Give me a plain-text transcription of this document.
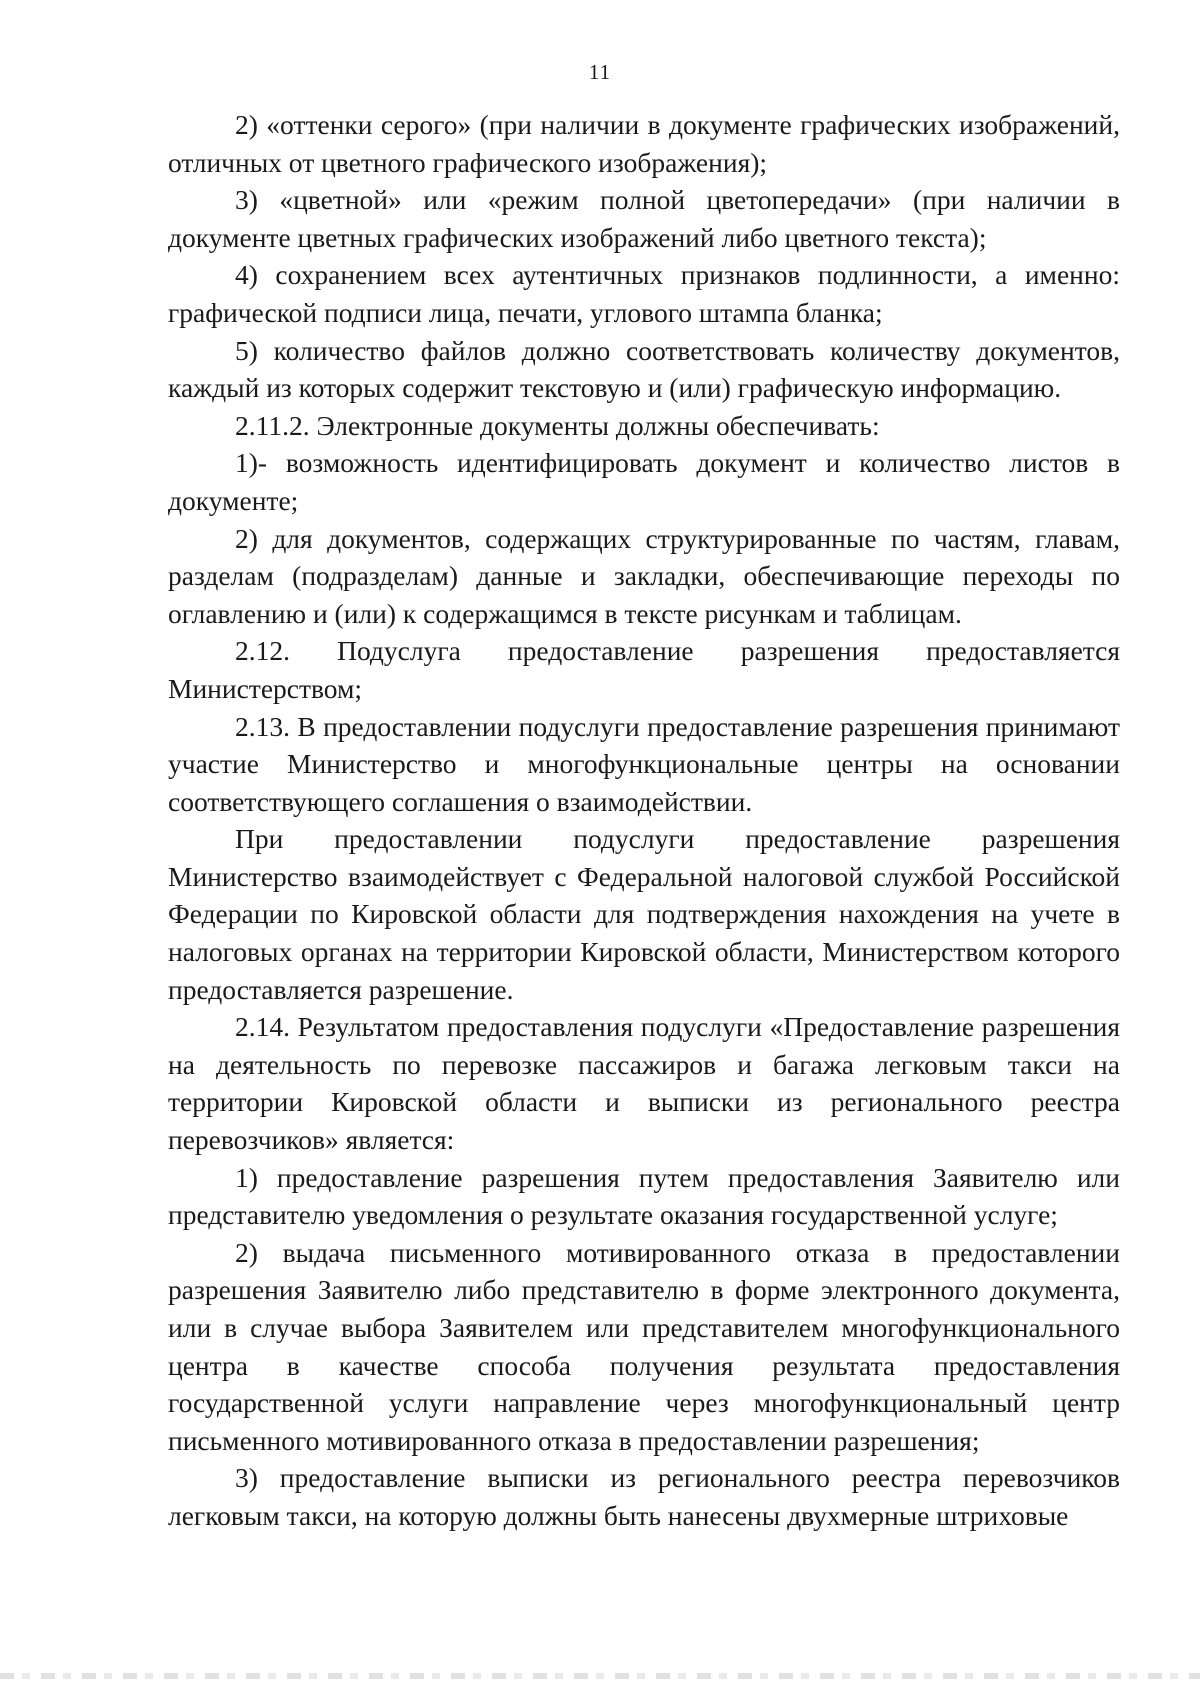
11

2) «оттенки серого» (при наличии в документе графических изображений, отличных от цветного графического изображения);

3) «цветной» или «режим полной цветопередачи» (при наличии в документе цветных графических изображений либо цветного текста);

4) сохранением всех аутентичных признаков подлинности, а именно: графической подписи лица, печати, углового штампа бланка;

5) количество файлов должно соответствовать количеству документов, каждый из которых содержит текстовую и (или) графическую информацию.

2.11.2. Электронные документы должны обеспечивать:

1)- возможность идентифицировать документ и количество листов в документе;

2) для документов, содержащих структурированные по частям, главам, разделам (подразделам) данные и закладки, обеспечивающие переходы по оглавлению и (или) к содержащимся в тексте рисункам и таблицам.

2.12. Подуслуга предоставление разрешения предоставляется Министерством;

2.13. В предоставлении подуслуги предоставление разрешения принимают участие Министерство и многофункциональные центры на основании соответствующего соглашения о взаимодействии.

При предоставлении подуслуги предоставление разрешения Министерство взаимодействует с Федеральной налоговой службой Российской Федерации по Кировской области для подтверждения нахождения на учете в налоговых органах на территории Кировской области, Министерством которого предоставляется разрешение.

2.14. Результатом предоставления подуслуги «Предоставление разрешения на деятельность по перевозке пассажиров и багажа легковым такси на территории Кировской области и выписки из регионального реестра перевозчиков» является:

1) предоставление разрешения путем предоставления Заявителю или представителю уведомления о результате оказания государственной услуге;

2) выдача письменного мотивированного отказа в предоставлении разрешения Заявителю либо представителю в форме электронного документа, или в случае выбора Заявителем или представителем многофункционального центра в качестве способа получения результата предоставления государственной услуги направление через многофункциональный центр письменного мотивированного отказа в предоставлении разрешения;

3) предоставление выписки из регионального реестра перевозчиков легковым такси, на которую должны быть нанесены двухмерные штриховые
